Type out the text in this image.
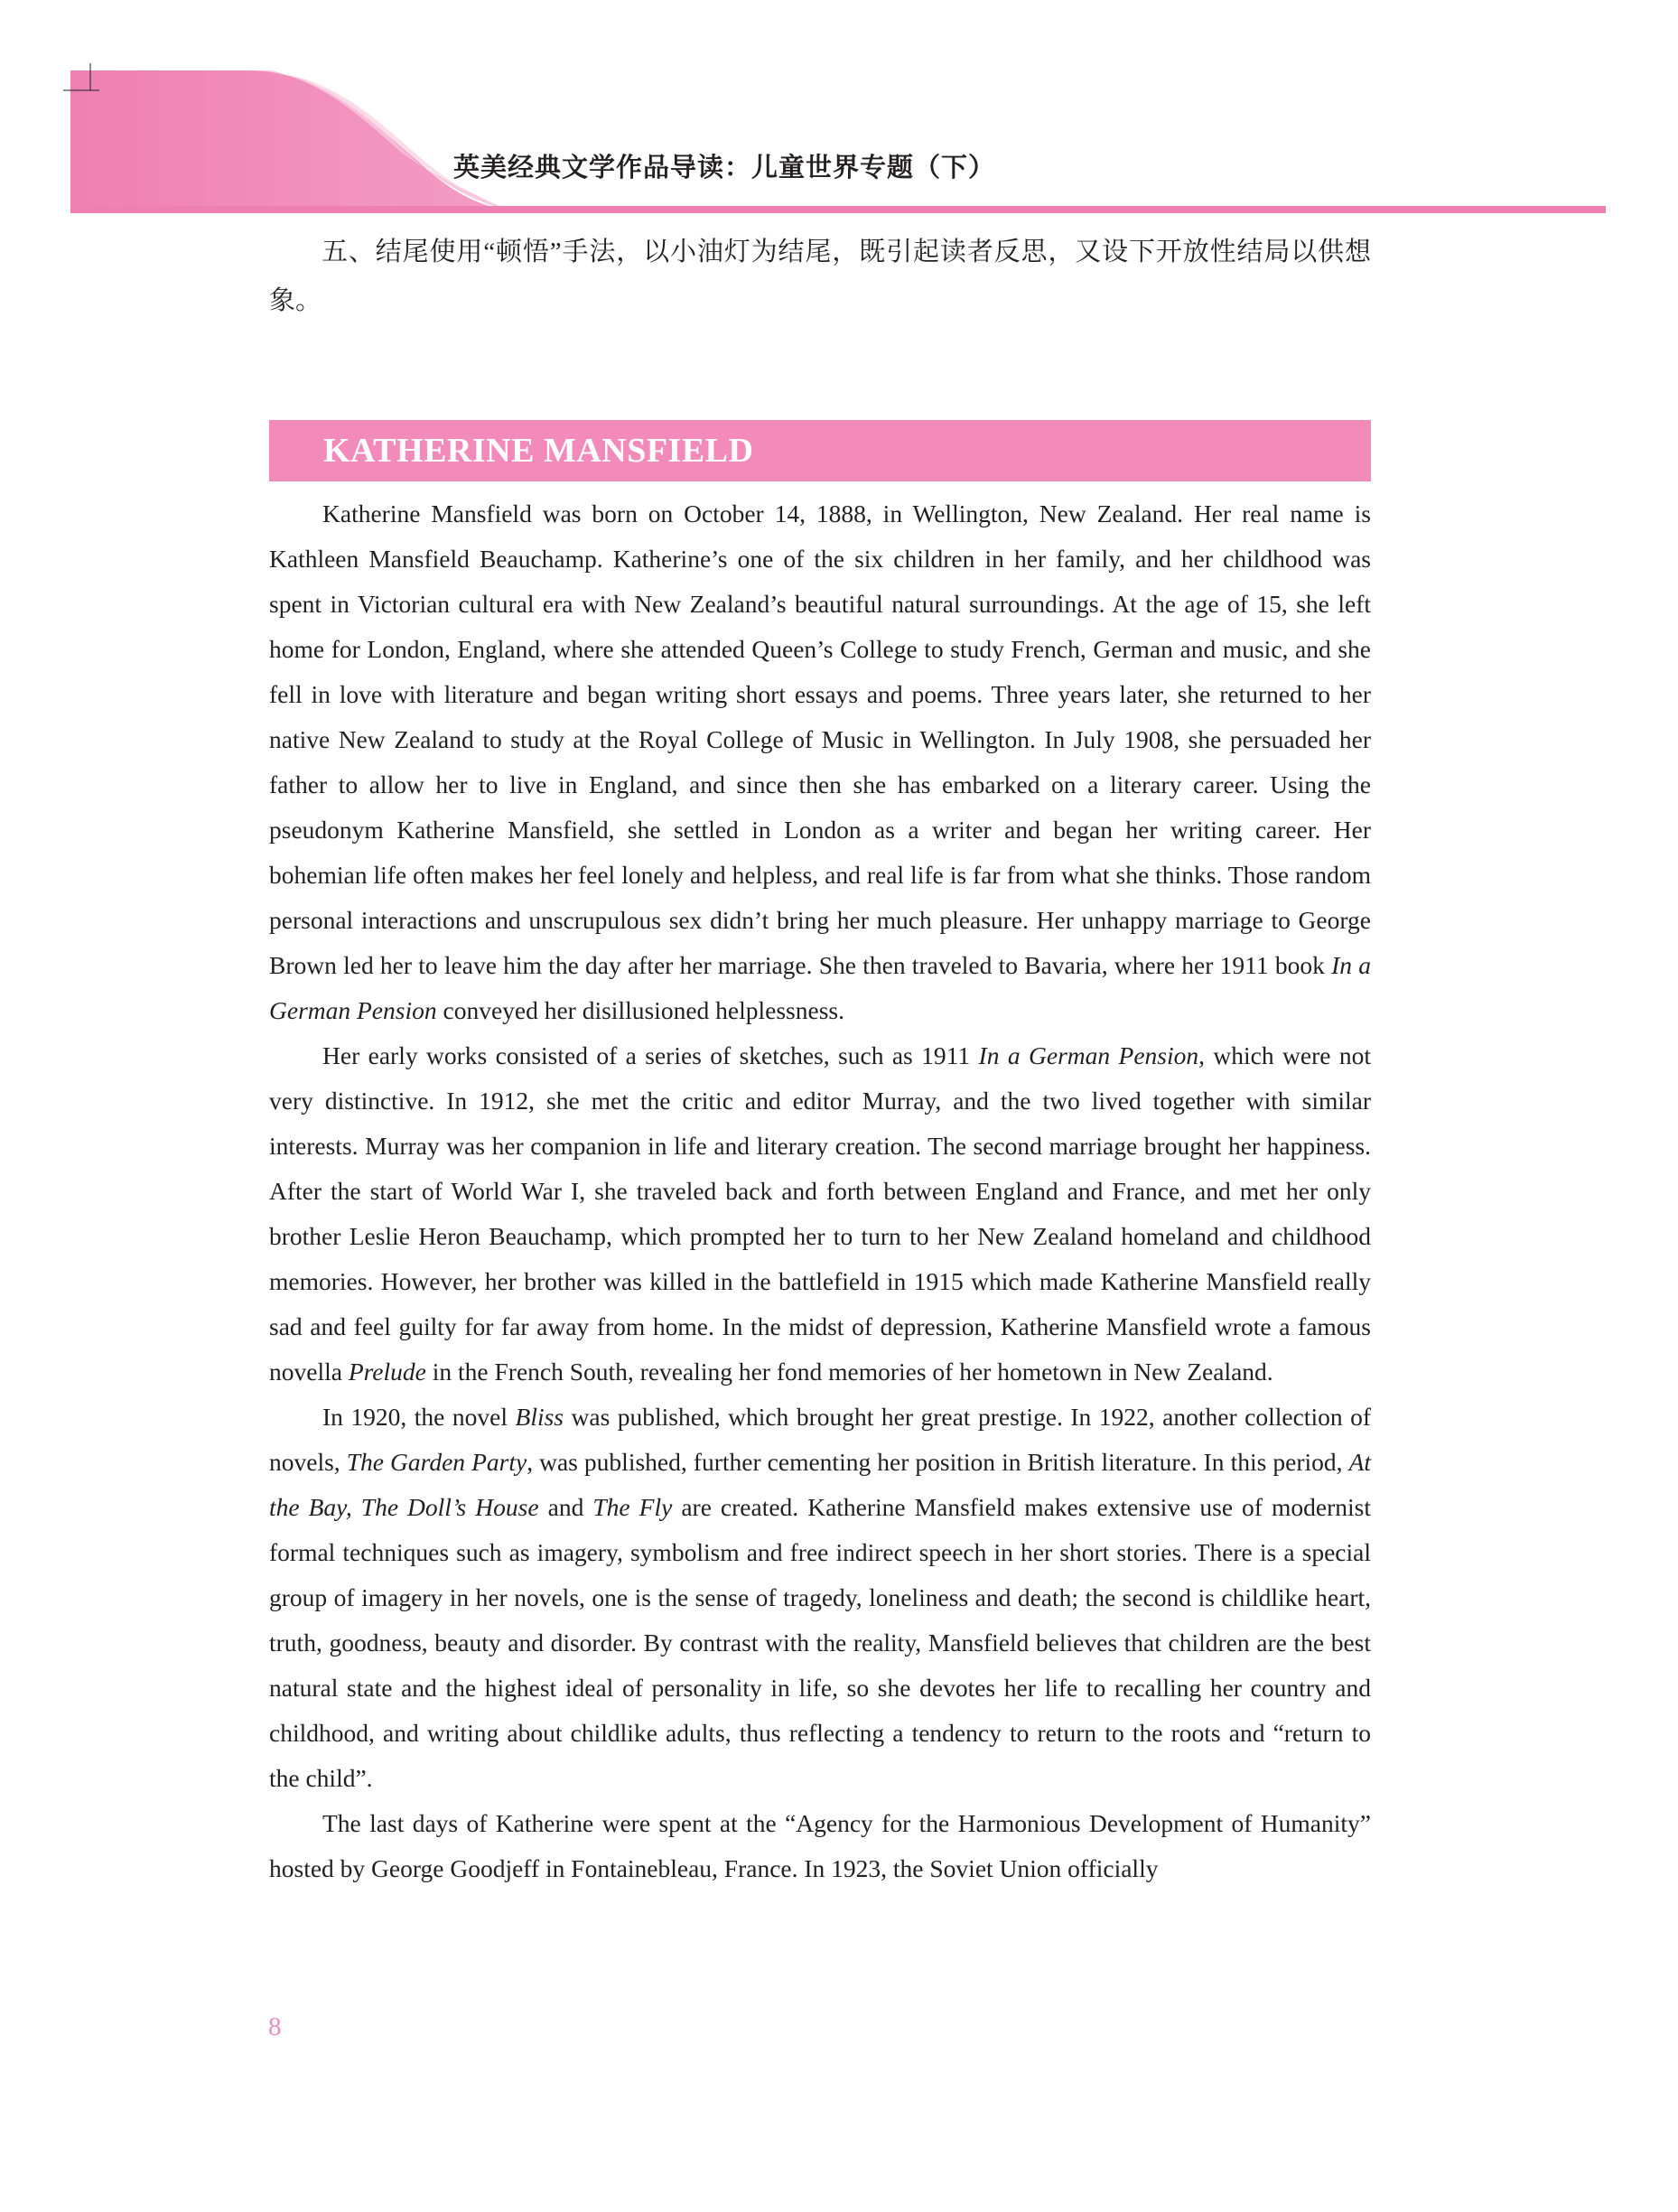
英美经典文学作品导读：儿童世界专题（下）

五、结尾使用“顿悟”手法，以小油灯为结尾，既引起读者反思，又设下开放性结局以供想象。

KATHERINE MANSFIELD

Katherine Mansfield was born on October 14, 1888, in Wellington, New Zealand. Her real name is Kathleen Mansfield Beauchamp. Katherine’s one of the six children in her family, and her childhood was spent in Victorian cultural era with New Zealand’s beautiful natural surroundings. At the age of 15, she left home for London, England, where she attended Queen’s College to study French, German and music, and she fell in love with literature and began writing short essays and poems. Three years later, she returned to her native New Zealand to study at the Royal College of Music in Wellington. In July 1908, she persuaded her father to allow her to live in England, and since then she has embarked on a literary career. Using the pseudonym Katherine Mansfield, she settled in London as a writer and began her writing career. Her bohemian life often makes her feel lonely and helpless, and real life is far from what she thinks. Those random personal interactions and unscrupulous sex didn’t bring her much pleasure. Her unhappy marriage to George Brown led her to leave him the day after her marriage. She then traveled to Bavaria, where her 1911 book In a German Pension conveyed her disillusioned helplessness.

Her early works consisted of a series of sketches, such as 1911 In a German Pension, which were not very distinctive. In 1912, she met the critic and editor Murray, and the two lived together with similar interests. Murray was her companion in life and literary creation. The second marriage brought her happiness. After the start of World War I, she traveled back and forth between England and France, and met her only brother Leslie Heron Beauchamp, which prompted her to turn to her New Zealand homeland and childhood memories. However, her brother was killed in the battlefield in 1915 which made Katherine Mansfield really sad and feel guilty for far away from home. In the midst of depression, Katherine Mansfield wrote a famous novella Prelude in the French South, revealing her fond memories of her hometown in New Zealand.

In 1920, the novel Bliss was published, which brought her great prestige. In 1922, another collection of novels, The Garden Party, was published, further cementing her position in British literature. In this period, At the Bay, The Doll’s House and The Fly are created. Katherine Mansfield makes extensive use of modernist formal techniques such as imagery, symbolism and free indirect speech in her short stories. There is a special group of imagery in her novels, one is the sense of tragedy, loneliness and death; the second is childlike heart, truth, goodness, beauty and disorder. By contrast with the reality, Mansfield believes that children are the best natural state and the highest ideal of personality in life, so she devotes her life to recalling her country and childhood, and writing about childlike adults, thus reflecting a tendency to return to the roots and “return to the child”.

The last days of Katherine were spent at the “Agency for the Harmonious Development of Humanity” hosted by George Goodjeff in Fontainebleau, France. In 1923, the Soviet Union officially

8
